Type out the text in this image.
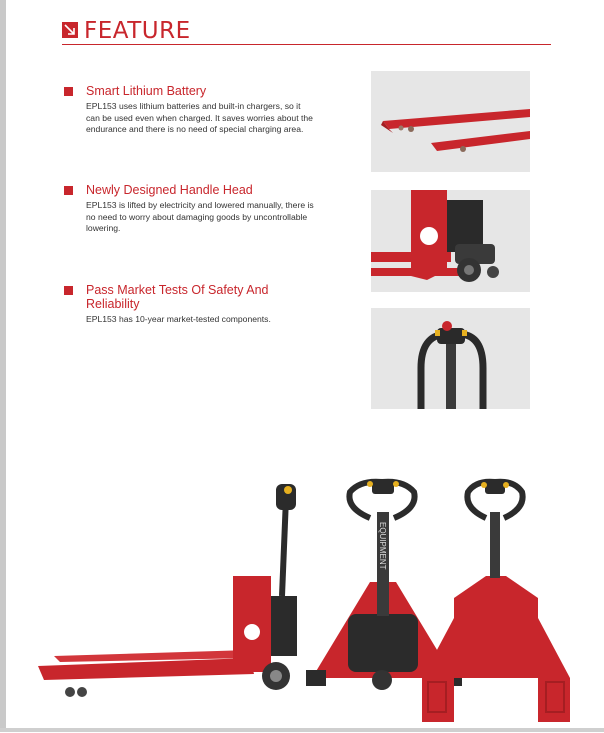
FEATURE
Smart Lithium Battery
EPL153 uses lithium batteries and built-in chargers, so it can be used even when charged. It saves worries about the endurance and there is no need of special charging area.
Newly Designed Handle Head
EPL153 is lifted by electricity and lowered manually, there is no need to worry about damaging goods by uncontrollable lowering.
Pass Market Tests Of Safety And Reliability
EPL153 has 10-year market-tested components.
EQUIPMENT
